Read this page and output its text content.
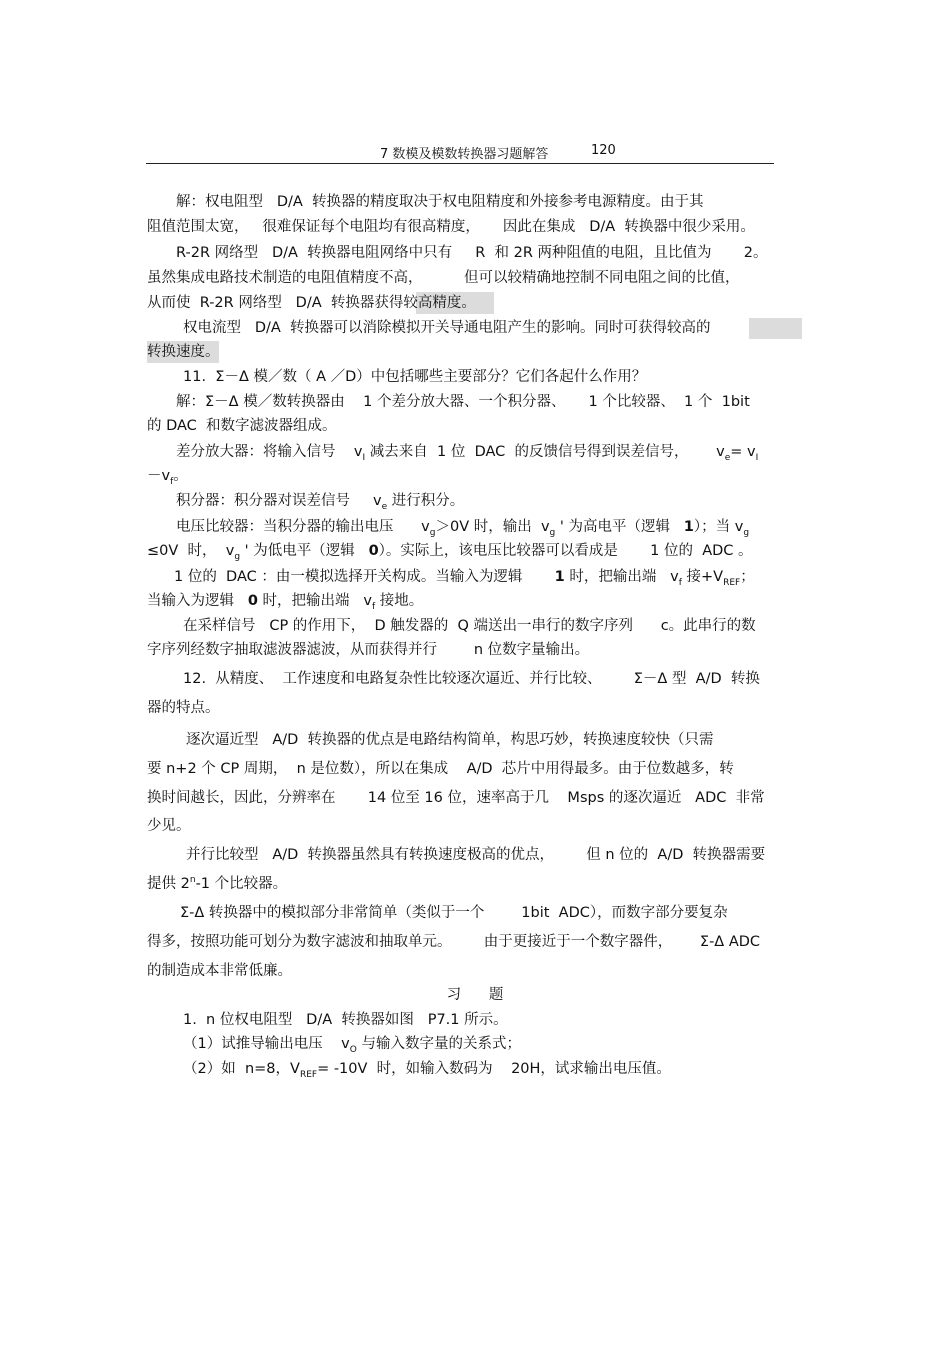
7 数模及模数转换器习题解答	120
解：权电阻型   D/A  转换器的精度取决于权电阻精度和外接参考电源精度。由于其
阻值范围太宽，   很难保证每个电阻均有很高精度，     因此在集成   D/A  转换器中很少采用。
R-2R 网络型   D/A  转换器电阻网络中只有     R  和 2R 两种阻值的电阻，且比值为       2。
虽然集成电路技术制造的电阻值精度不高，         但可以较精确地控制不同电阻之间的比值，
从而使  R-2R 网络型   D/A  转换器获得较高精度。
权电流型   D/A  转换器可以消除模拟开关导通电阻产生的影响。同时可获得较高的
转换速度。
11.  Σ－Δ 模／数（ A ／D）中包括哪些主要部分？它们各起什么作用？
解：Σ－Δ 模／数转换器由    1 个差分放大器、一个积分器、     1 个比较器、  1 个  1bit
的 DAC  和数字滤波器组成。
差分放大器：将输入信号    $v_I$ 减去来自  1 位  DAC  的反馈信号得到误差信号，      $v_e= v_I$
$-v_f$。
积分器：积分器对误差信号     $v_e$ 进行积分。
电压比较器：当积分器的输出电压      $v_g>0V$ 时，输出  $v_g$ ' 为高电平（逻辑   1）；当 $v_g$
≤0V  时，  $v_g$ ' 为低电平（逻辑   0）。实际上，该电压比较器可以看成是       1 位的  ADC 。
1 位的  DAC ：由一模拟选择开关构成。当输入为逻辑       1 时，把输出端   $v_f$ 接$+V_{REF}$；
当输入为逻辑   0 时，把输出端   $v_f$ 接地。
在采样信号   CP 的作用下，  D 触发器的  Q 端送出一串行的数字序列      c。此串行的数
字序列经数字抽取滤波器滤波，从而获得并行        n 位数字量输出。
12.  从精度、  工作速度和电路复杂性比较逐次逼近、并行比较、       Σ－Δ 型  A/D  转换
器的特点。
逐次逼近型   A/D  转换器的优点是电路结构简单，构思巧妙，转换速度较快（只需
要 n+2 个 CP 周期，  n 是位数），所以在集成    A/D  芯片中用得最多。由于位数越多，转
换时间越长，因此，分辨率在       14 位至 16 位，速率高于几    Msps 的逐次逼近   ADC  非常
少见。
并行比较型   A/D  转换器虽然具有转换速度极高的优点，       但 n 位的  A/D  转换器需要
提供 2$^n$-1 个比较器。
Σ-Δ 转换器中的模拟部分非常简单（类似于一个        1bit  ADC），而数字部分要复杂
得多，按照功能可划分为数字滤波和抽取单元。       由于更接近于一个数字器件，      Σ-Δ ADC
的制造成本非常低廉。
习      题
1.  n 位权电阻型   D/A  转换器如图   P7.1 所示。
（1）试推导输出电压    $v_O$ 与输入数字量的关系式；
（2）如  n=8，$V_{REF}= -10V$  时，如输入数码为    20H，试求输出电压值。
